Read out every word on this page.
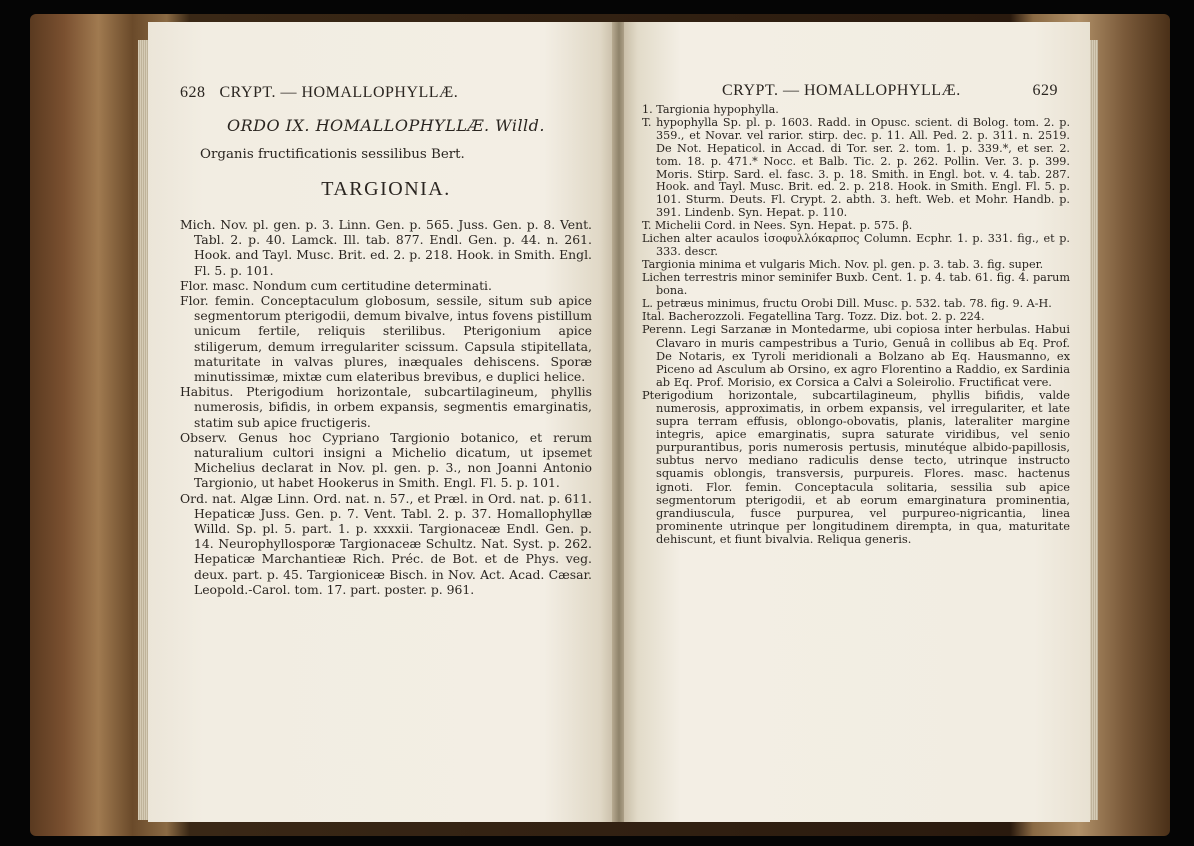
628 CRYPT. — HOMALLOPHYLLÆ.
ORDO IX. HOMALLOPHYLLÆ. Willd.
Organis fructificationis sessilibus Bert.
TARGIONIA.

Mich. Nov. pl. gen. p. 3. Linn. Gen. p. 565. Juss. Gen. p. 8. Vent. Tabl. 2. p. 40. Lamck. Ill. tab. 877. Endl. Gen. p. 44. n. 261. Hook. and Tayl. Musc. Brit. ed. 2. p. 218. Hook. in Smith. Engl. Fl. 5. p. 101.

Flor. masc. Nondum cum certitudine determinati.

Flor. femin. Conceptaculum globosum, sessile, situm sub apice segmentorum pterigodii, demum bivalve, intus fovens pistillum unicum fertile, reliquis sterilibus. Pterigonium apice stiligerum, demum irregulariter scissum. Capsula stipitellata, maturitate in valvas plures, inæquales dehiscens. Sporæ minutissimæ, mixtæ cum elateribus brevibus, e duplici helice.

Habitus. Pterigodium horizontale, subcartilagineum, phyllis numerosis, bifidis, in orbem expansis, segmentis emarginatis, statim sub apice fructigeris.

Observ. Genus hoc Cypriano Targionio botanico, et rerum naturalium cultori insigni a Michelio dicatum, ut ipsemet Michelius declarat in Nov. pl. gen. p. 3., non Joanni Antonio Targionio, ut habet Hookerus in Smith. Engl. Fl. 5. p. 101.

Ord. nat. Algæ Linn. Ord. nat. n. 57., et Præl. in Ord. nat. p. 611. Hepaticæ Juss. Gen. p. 7. Vent. Tabl. 2. p. 37. Homallophyllæ Willd. Sp. pl. 5. part. 1. p. xxxxii. Targionaceæ Endl. Gen. p. 14. Neurophyllosporæ Targionaceæ Schultz. Nat. Syst. p. 262. Hepaticæ Marchantieæ Rich. Préc. de Bot. et de Phys. veg. deux. part. p. 45. Targioniceæ Bisch. in Nov. Act. Acad. Cæsar. Leopold.-Carol. tom. 17. part. poster. p. 961.

CRYPT. — HOMALLOPHYLLÆ.	629

1. Targionia hypophylla.

T. hypophylla Sp. pl. p. 1603. Radd. in Opusc. scient. di Bolog. tom. 2. p. 359., et Novar. vel rarior. stirp. dec. p. 11. All. Ped. 2. p. 311. n. 2519. De Not. Hepaticol. in Accad. di Tor. ser. 2. tom. 1. p. 339.*, et ser. 2. tom. 18. p. 471.* Nocc. et Balb. Tic. 2. p. 262. Pollin. Ver. 3. p. 399. Moris. Stirp. Sard. el. fasc. 3. p. 18. Smith. in Engl. bot. v. 4. tab. 287. Hook. and Tayl. Musc. Brit. ed. 2. p. 218. Hook. in Smith. Engl. Fl. 5. p. 101. Sturm. Deuts. Fl. Crypt. 2. abth. 3. heft. Web. et Mohr. Handb. p. 391. Lindenb. Syn. Hepat. p. 110.

T. Michelii Cord. in Nees. Syn. Hepat. p. 575. β.

Lichen alter acaulos ἰσοφυλλόκαρπος Column. Ecphr. 1. p. 331. fig., et p. 333. descr.

Targionia minima et vulgaris Mich. Nov. pl. gen. p. 3. tab. 3. fig. super.

Lichen terrestris minor seminifer Buxb. Cent. 1. p. 4. tab. 61. fig. 4. parum bona.

L. petræus minimus, fructu Orobi Dill. Musc. p. 532. tab. 78. fig. 9. A-H.

Ital. Bacherozzoli. Fegatellina Targ. Tozz. Diz. bot. 2. p. 224.

Perenn. Legi Sarzanæ in Montedarme, ubi copiosa inter herbulas. Habui Clavaro in muris campestribus a Turio, Genuâ in collibus ab Eq. Prof. De Notaris, ex Tyroli meridionali a Bolzano ab Eq. Hausmanno, ex Piceno ad Asculum ab Orsino, ex agro Florentino a Raddio, ex Sardinia ab Eq. Prof. Morisio, ex Corsica a Calvi a Soleirolio. Fructificat vere.

Pterigodium horizontale, subcartilagineum, phyllis bifidis, valde numerosis, approximatis, in orbem expansis, vel irregulariter, et late supra terram effusis, oblongo-obovatis, planis, lateraliter margine integris, apice emarginatis, supra saturate viridibus, vel senio purpurantibus, poris numerosis pertusis, minutéque albido-papillosis, subtus nervo mediano radiculis dense tecto, utrinque instructo squamis oblongis, transversis, purpureis. Flores. masc. hactenus ignoti. Flor. femin. Conceptacula solitaria, sessilia sub apice segmentorum pterigodii, et ab eorum emarginatura prominentia, grandiuscula, fusce purpurea, vel purpureo-nigricantia, linea prominente utrinque per longitudinem dirempta, in qua, maturitate dehiscunt, et fiunt bivalvia. Reliqua generis.
